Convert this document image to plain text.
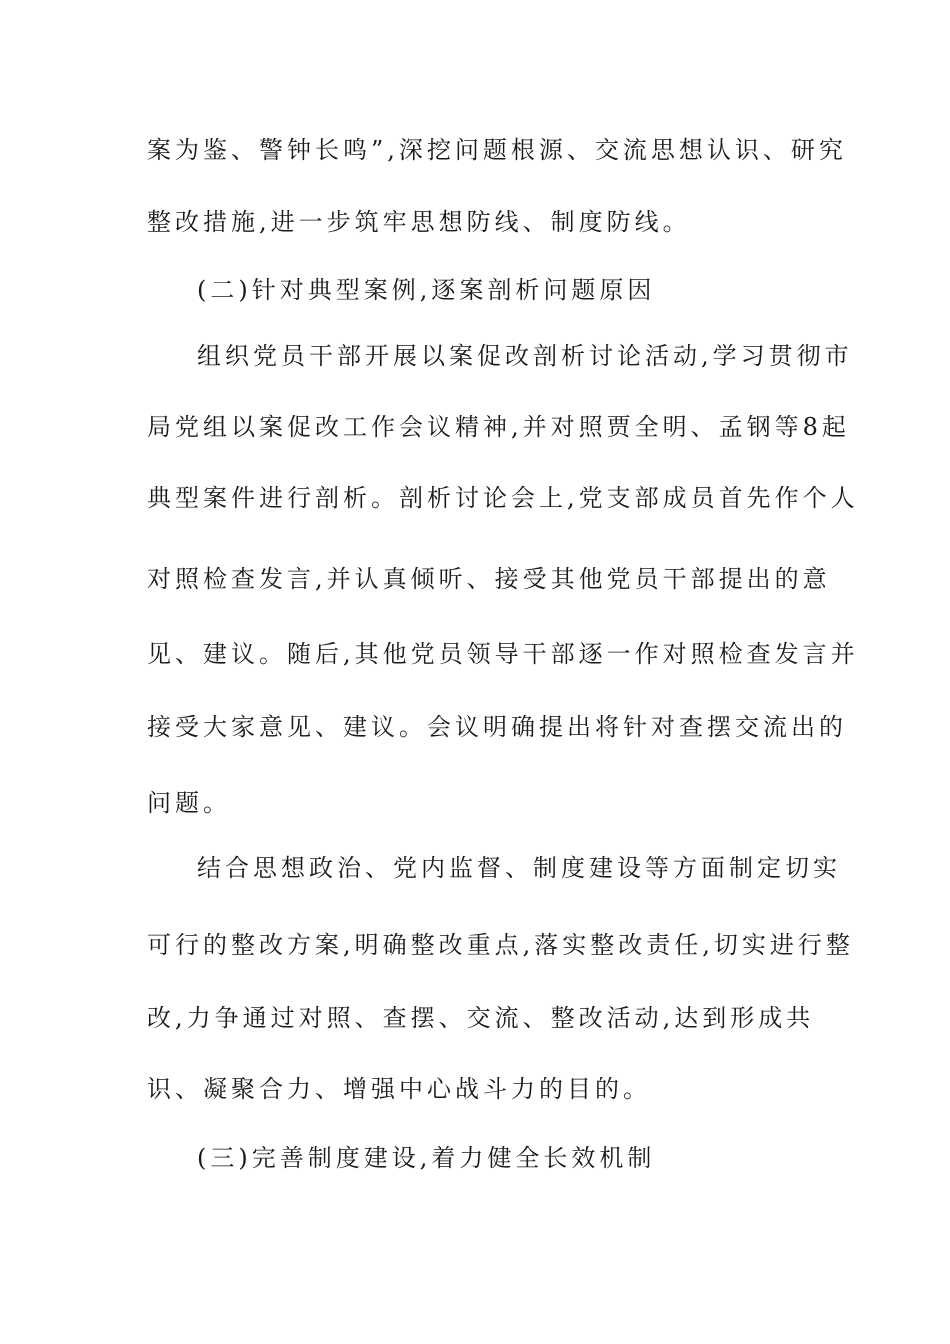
案为鉴、警钟长鸣”,深挖问题根源、交流思想认识、研究
整改措施,进一步筑牢思想防线、制度防线。
(二)针对典型案例,逐案剖析问题原因
组织党员干部开展以案促改剖析讨论活动,学习贯彻市
局党组以案促改工作会议精神,并对照贾全明、孟钢等8起
典型案件进行剖析。剖析讨论会上,党支部成员首先作个人
对照检查发言,并认真倾听、接受其他党员干部提出的意
见、建议。随后,其他党员领导干部逐一作对照检查发言并
接受大家意见、建议。会议明确提出将针对查摆交流出的
问题。
结合思想政治、党内监督、制度建设等方面制定切实
可行的整改方案,明确整改重点,落实整改责任,切实进行整
改,力争通过对照、查摆、交流、整改活动,达到形成共
识、凝聚合力、增强中心战斗力的目的。
(三)完善制度建设,着力健全长效机制
